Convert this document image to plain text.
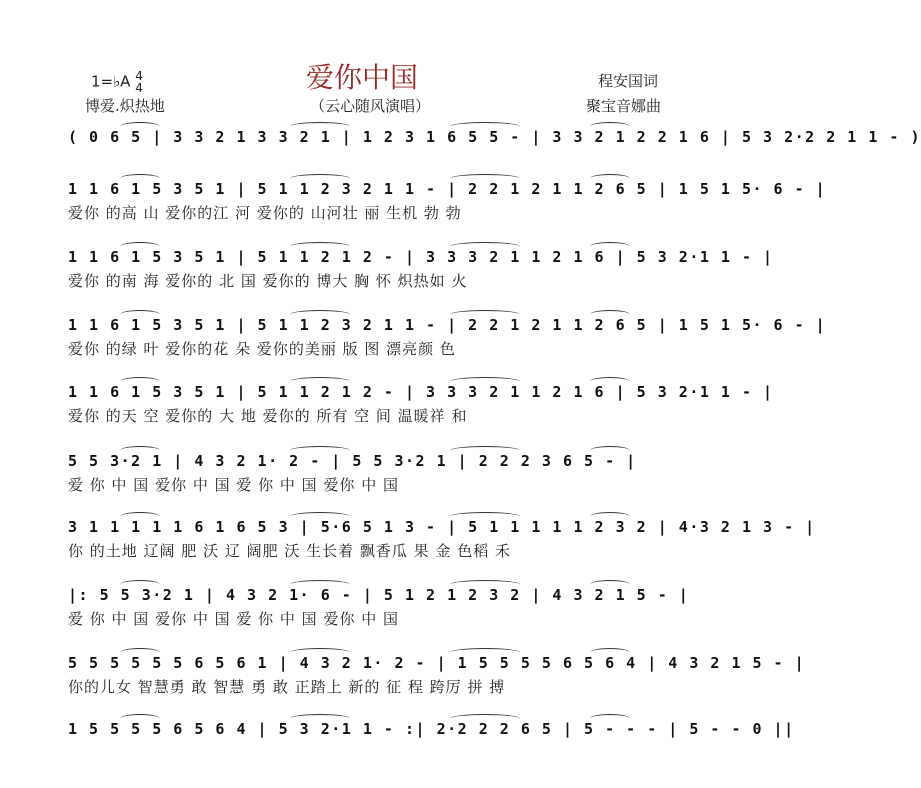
1=♭A 4
4	爱你中国	程安国词
博爱.炽热地	（云心随风演唱）	聚宝音娜曲
( 0 6 5 | 3 3 2 1 3 3 2 1 | 1 2 3 1 6 5 5 - | 3 3 2 1 2 2 1 6 | 5 3 2·2 2 1 1 - )
1 1 6 1 5 3 5 1 | 5 1 1 2 3 2 1 1 - | 2 2 1 2 1 1 2 6 5 | 1 5 1 5· 6 - |
爱你 的高 山 爱你的江 河 爱你的 山河壮 丽 生机 勃 勃
1 1 6 1 5 3 5 1 | 5 1 1 2 1 2 - | 3 3 3 2 1 1 2 1 6 | 5 3 2·1 1 - |
爱你 的南 海 爱你的 北 国 爱你的 博大 胸 怀 炽热如 火
1 1 6 1 5 3 5 1 | 5 1 1 2 3 2 1 1 - | 2 2 1 2 1 1 2 6 5 | 1 5 1 5· 6 - |
爱你 的绿 叶 爱你的花 朵 爱你的美丽 版 图 漂亮颜 色
1 1 6 1 5 3 5 1 | 5 1 1 2 1 2 - | 3 3 3 2 1 1 2 1 6 | 5 3 2·1 1 - |
爱你 的天 空 爱你的 大 地 爱你的 所有 空 间 温暖祥 和
5 5 3·2 1 | 4 3 2 1· 2 - | 5 5 3·2 1 | 2 2 2 3 6 5 - |
爱 你 中 国 爱你 中 国 爱 你 中 国 爱你 中 国
3 1 1 1 1 1 6 1 6 5 3 | 5·6 5 1 3 - | 5 1 1 1 1 1 2 3 2 | 4·3 2 1 3 - |
你 的土地 辽阔 肥 沃 辽 阔肥 沃 生长着 飘香瓜 果 金 色稻 禾
|: 5 5 3·2 1 | 4 3 2 1· 6 - | 5 1 2 1 2 3 2 | 4 3 2 1 5 - |
爱 你 中 国 爱你 中 国 爱 你 中 国 爱你 中 国
5 5 5 5 5 5 6 5 6 1 | 4 3 2 1· 2 - | 1 5 5 5 5 6 5 6 4 | 4 3 2 1 5 - |
你的儿女 智慧勇 敢 智慧 勇 敢 正踏上 新的 征 程 跨厉 拼 搏
1 5 5 5 5 6 5 6 4 | 5 3 2·1 1 - :| 2·2 2 2 6 5 | 5 - - - | 5 - - 0 ||
